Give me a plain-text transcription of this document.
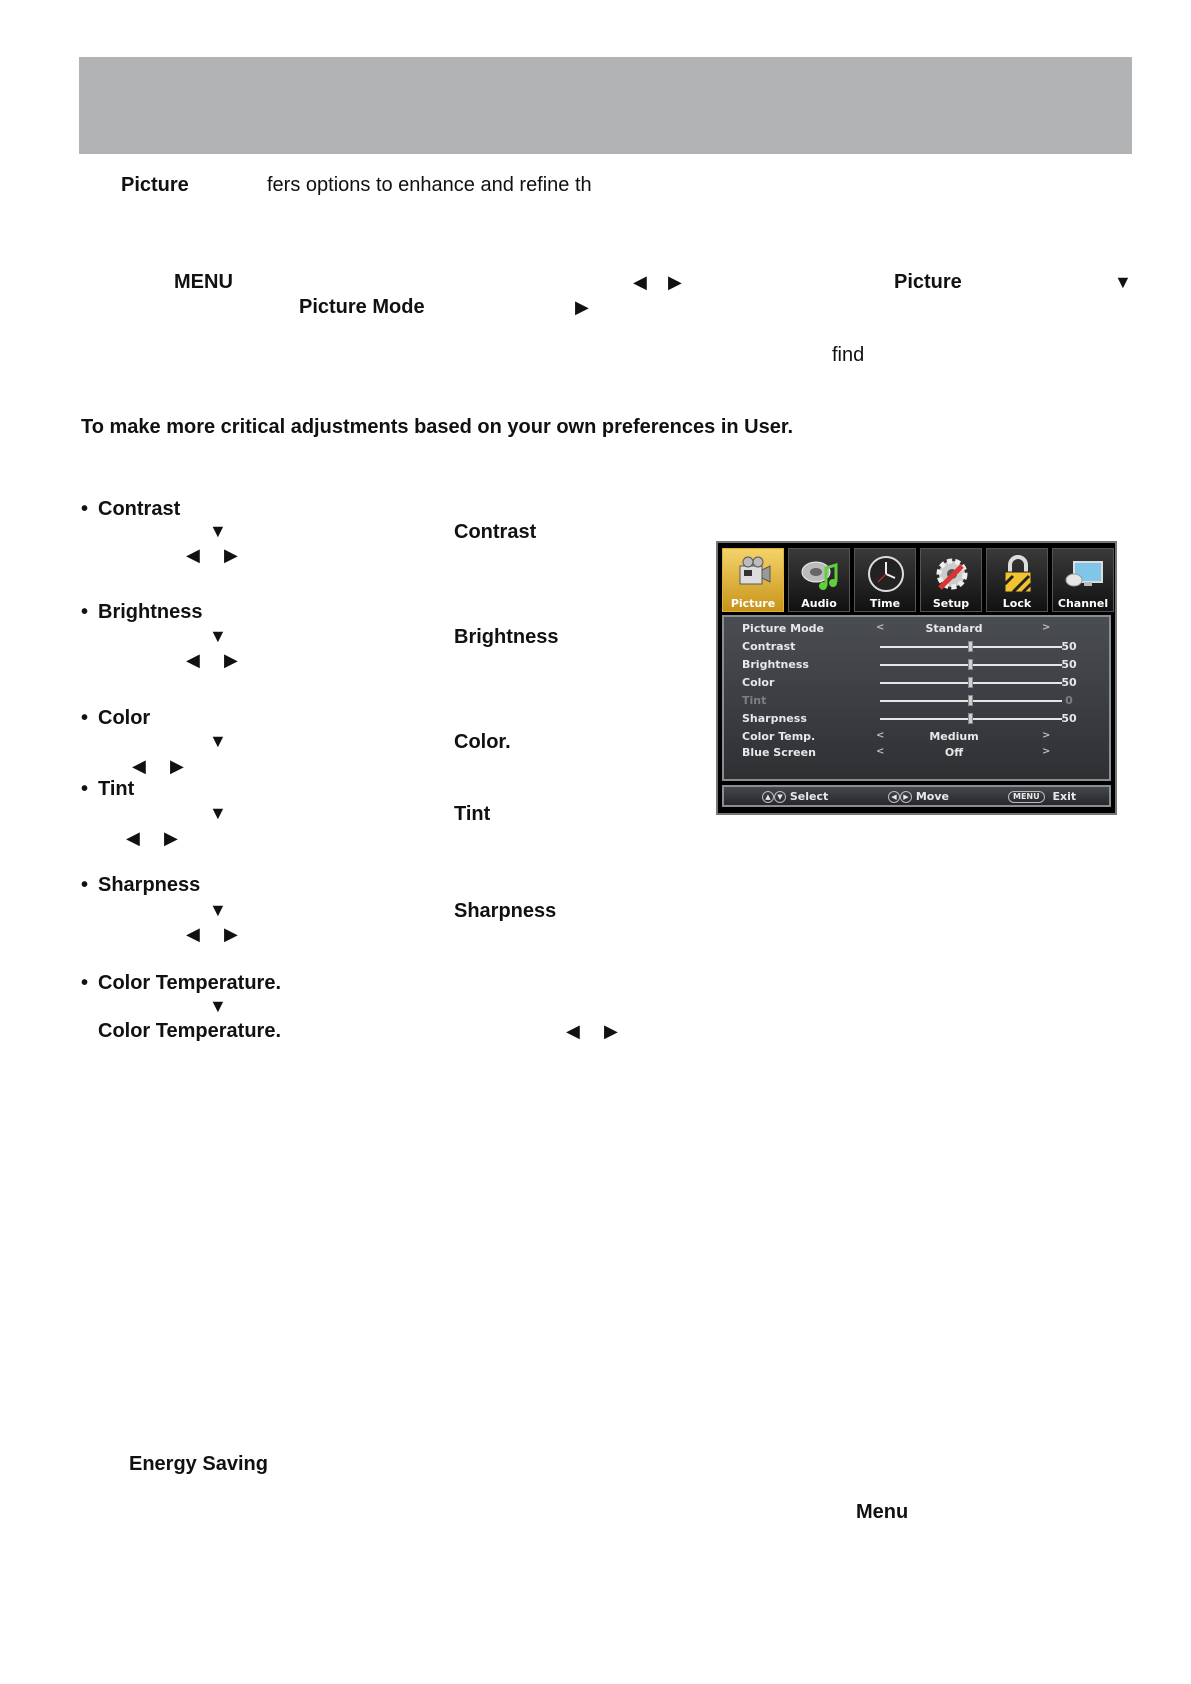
Picture	fers options to enhance and refine th
MENU	◀ ▶	Picture	▼
Picture Mode	▶
find
To make more critical adjustments based on your own preferences in User.
• Contrast
▼	Contrast
◀ ▶
• Brightness
▼	Brightness
◀ ▶
• Color
▼	Color.
◀ ▶
• Tint
▼	Tint
◀ ▶
• Sharpness
▼	Sharpness
◀ ▶
• Color Temperature.
▼
Color Temperature.	◀ ▶
Energy Saving
Menu
Picture	Audio	Time	Setup	Lock	Channel
Picture Mode	<	Standard	>
Contrast	50
Brightness	50
Color	50
Tint	0
Sharpness	50
Color Temp.	<	Medium	>
Blue Screen	<	Off	>
▲ ▼ Select	◀ ▶ Move	MENU Exit
